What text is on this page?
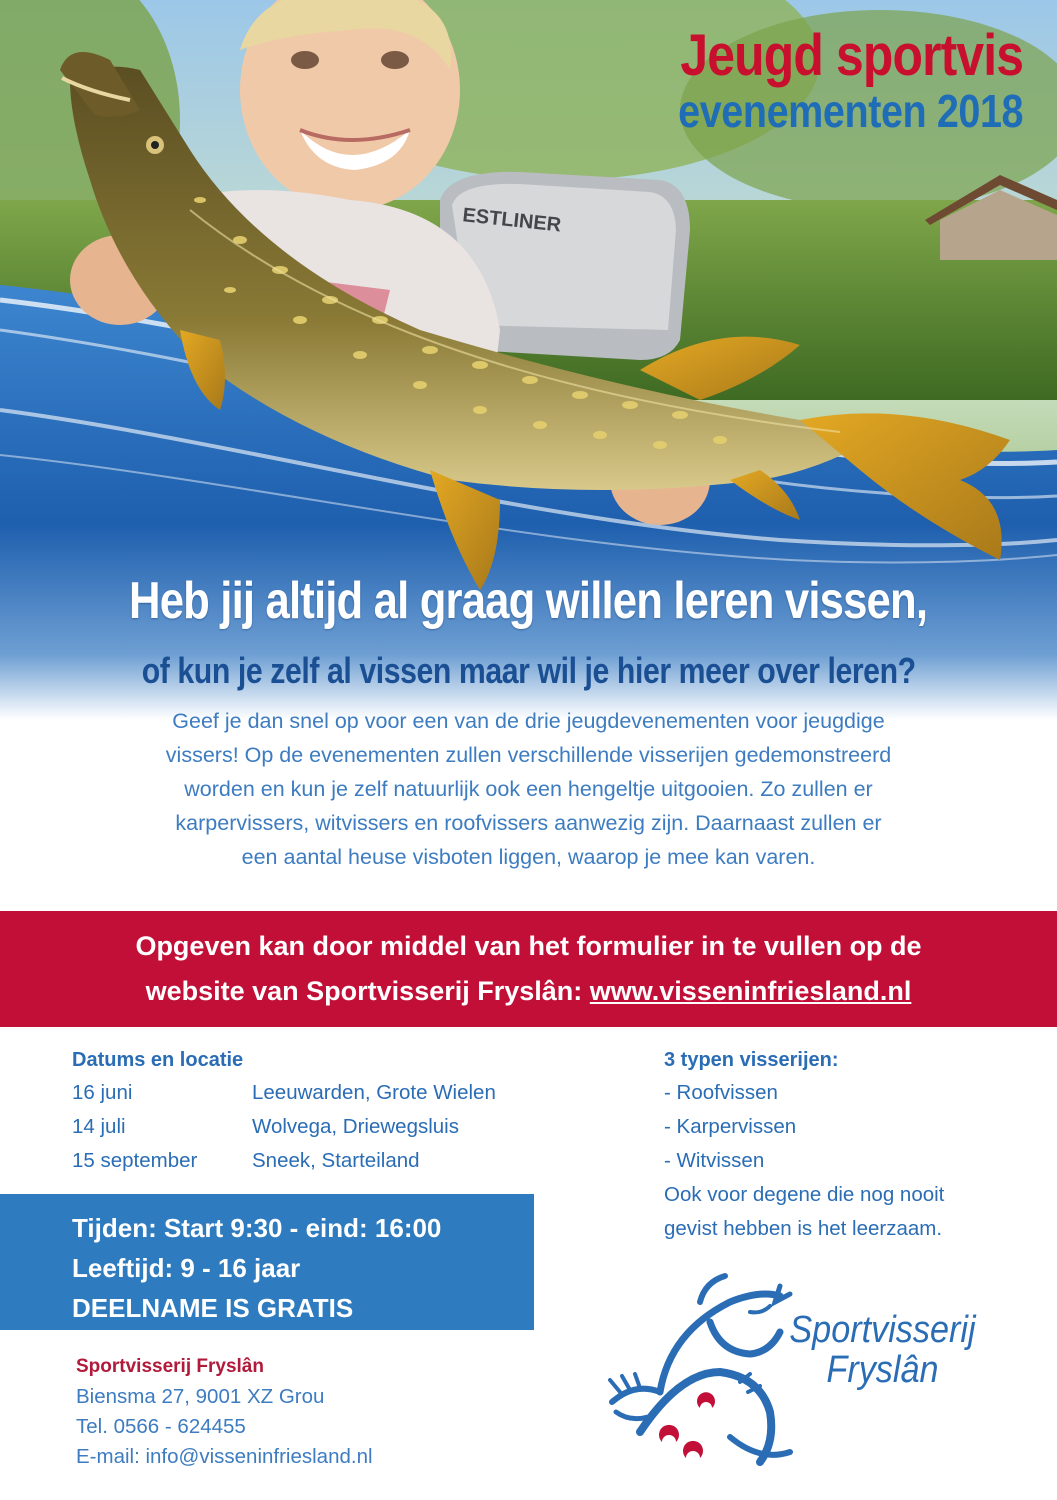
ESTLINER
Jeugd sportvis
evenementen 2018
Heb jij altijd al graag willen leren vissen,
of kun je zelf al vissen maar wil je hier meer over leren?
Geef je dan snel op voor een van de drie jeugdevenementen voor jeugdige
vissers! Op de evenementen zullen verschillende visserijen gedemonstreerd
worden en kun je zelf natuurlijk ook een hengeltje uitgooien. Zo zullen er
karpervissers, witvissers en roofvissers aanwezig zijn. Daarnaast zullen er
een aantal heuse visboten liggen, waarop je mee kan varen.
Opgeven kan door middel van het formulier in te vullen op de
website van Sportvisserij Fryslân: www.visseninfriesland.nl
Datums en locatie
16 juni	Leeuwarden, Grote Wielen
14 juli	Wolvega, Driewegsluis
15 september	Sneek, Starteiland
3 typen visserijen:
- Roofvissen
- Karpervissen
- Witvissen
Ook voor degene die nog nooit
gevist hebben is het leerzaam.
Tijden: Start 9:30 - eind: 16:00
Leeftijd: 9 - 16 jaar
DEELNAME IS GRATIS
Sportvisserij Fryslân
Biensma 27, 9001 XZ Grou
Tel. 0566 - 624455
E-mail: info@visseninfriesland.nl
Sportvisserij
Fryslân
